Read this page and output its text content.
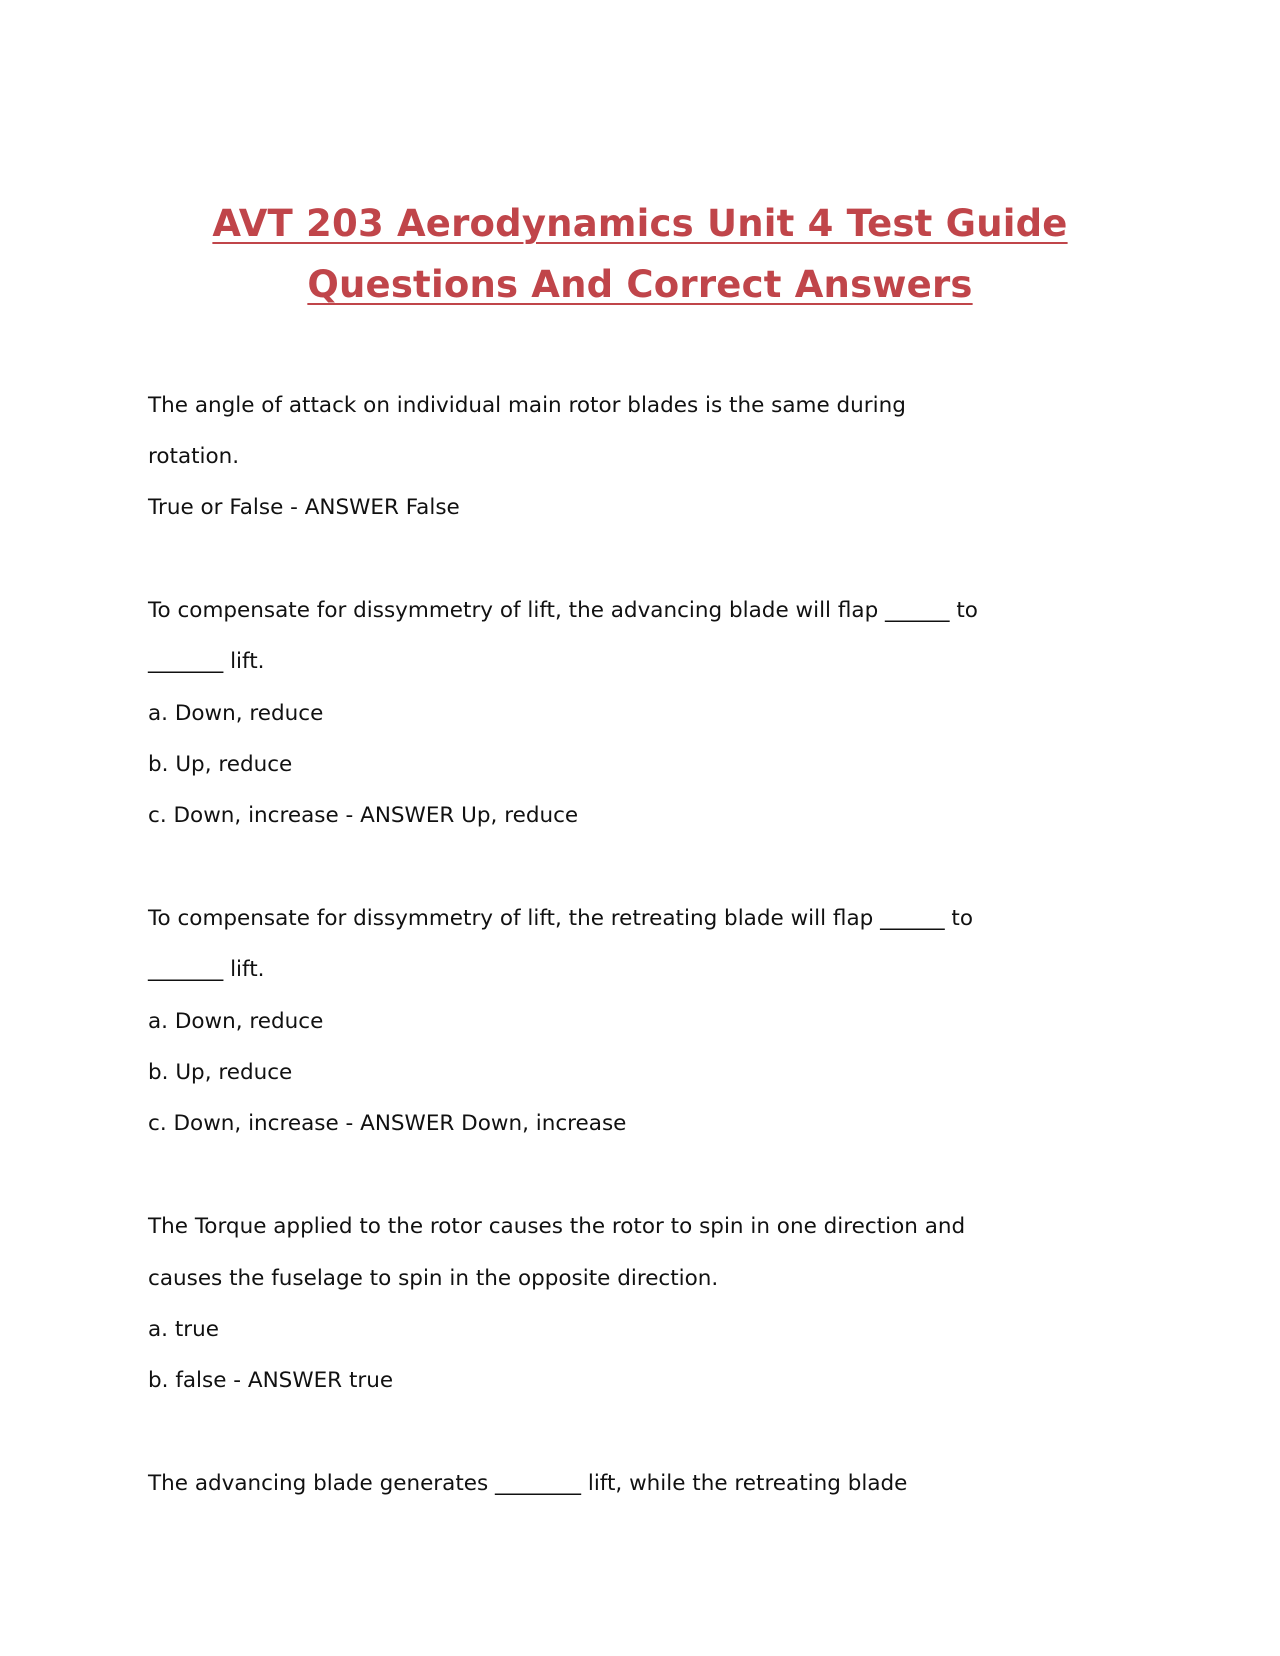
AVT 203 Aerodynamics Unit 4 Test Guide
Questions And Correct Answers
The angle of attack on individual main rotor blades is the same during
rotation.
True or False - ANSWER False
To compensate for dissymmetry of lift, the advancing blade will flap ______ to
_______ lift.
a. Down, reduce
b. Up, reduce
c. Down, increase - ANSWER Up, reduce
To compensate for dissymmetry of lift, the retreating blade will flap ______ to
_______ lift.
a. Down, reduce
b. Up, reduce
c. Down, increase - ANSWER Down, increase
The Torque applied to the rotor causes the rotor to spin in one direction and
causes the fuselage to spin in the opposite direction.
a. true
b. false - ANSWER true
The advancing blade generates ________ lift, while the retreating blade
